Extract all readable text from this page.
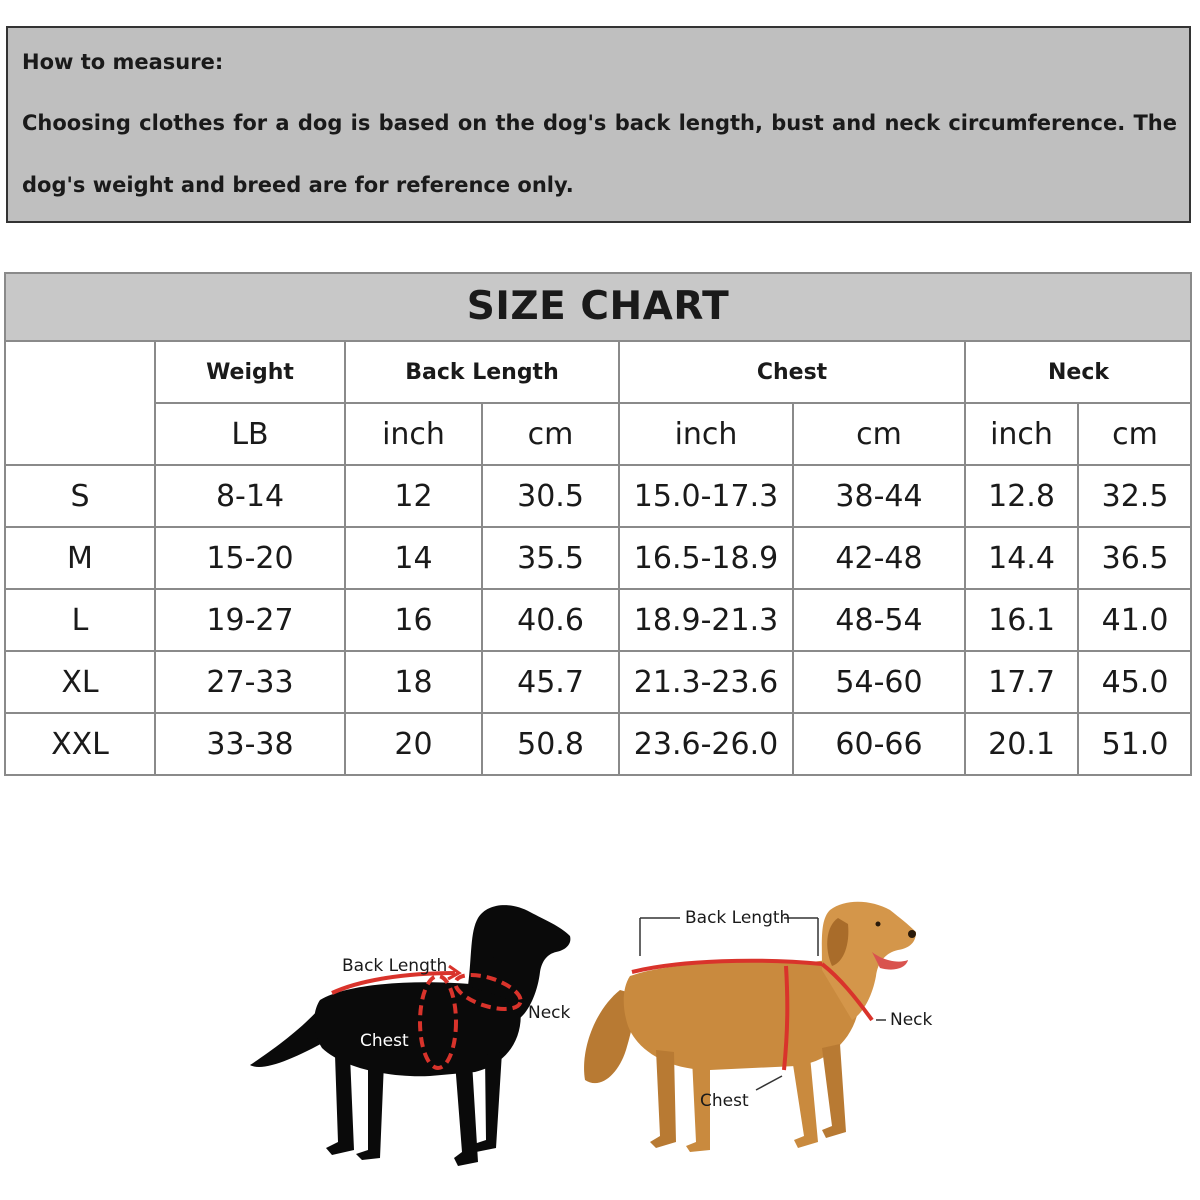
How to measure:

Choosing clothes for a dog is based on the dog's back length, bust and neck circumference. The dog's weight and breed are for reference only.

SIZE CHART
	Weight	Back Length		Chest		Neck	
	LB	inch	cm	inch	cm	inch	cm
S	8-14	12	30.5	15.0-17.3	38-44	12.8	32.5
M	15-20	14	35.5	16.5-18.9	42-48	14.4	36.5
L	19-27	16	40.6	18.9-21.3	48-54	16.1	41.0
XL	27-33	18	45.7	21.3-23.6	54-60	17.7	45.0
XXL	33-38	20	50.8	23.6-26.0	60-66	20.1	51.0
Back Length
Chest
Neck
Back Length
Neck
Chest
